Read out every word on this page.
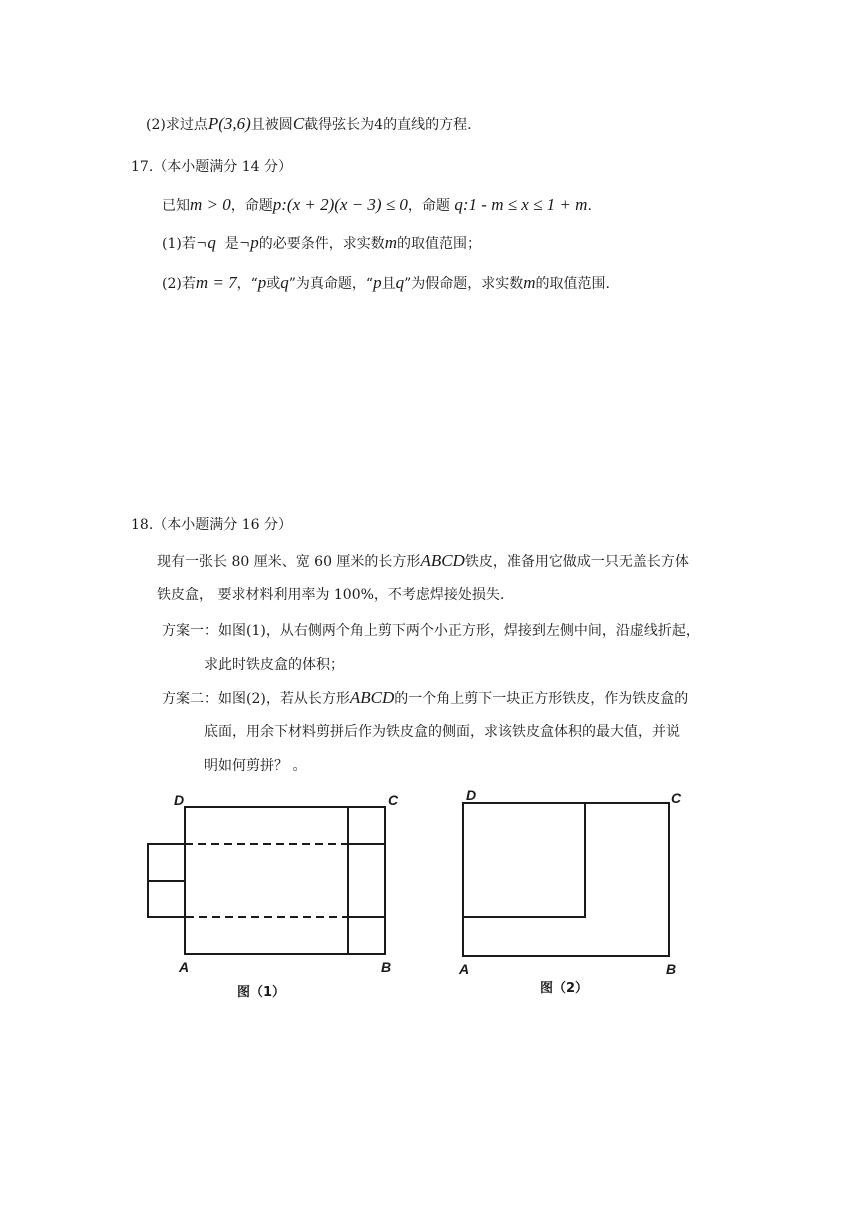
(2)求过点P(3,6)且被圆C截得弦长为4的直线的方程.
17.（本小题满分 14 分）
已知m > 0，命题p:(x + 2)(x − 3) ≤ 0，命题 q:1 - m ≤ x ≤ 1 + m.
(1)若¬q 是¬p的必要条件，求实数m的取值范围；
(2)若m = 7，“p或q”为真命题，“p且q”为假命题，求实数m的取值范围.
18.（本小题满分 16 分）
现有一张长 80 厘米、宽 60 厘米的长方形ABCD铁皮，准备用它做成一只无盖长方体
铁皮盒， 要求材料利用率为 100%，不考虑焊接处损失.
方案一：如图(1)，从右侧两个角上剪下两个小正方形，焊接到左侧中间，沿虚线折起，
求此时铁皮盒的体积；
方案二：如图(2)，若从长方形ABCD的一个角上剪下一块正方形铁皮，作为铁皮盒的
底面，用余下材料剪拼后作为铁皮盒的侧面，求该铁皮盒体积的最大值，并说
明如何剪拼？ 。
D	C
A	B
图（1）
D	C
A	B
图（2）
